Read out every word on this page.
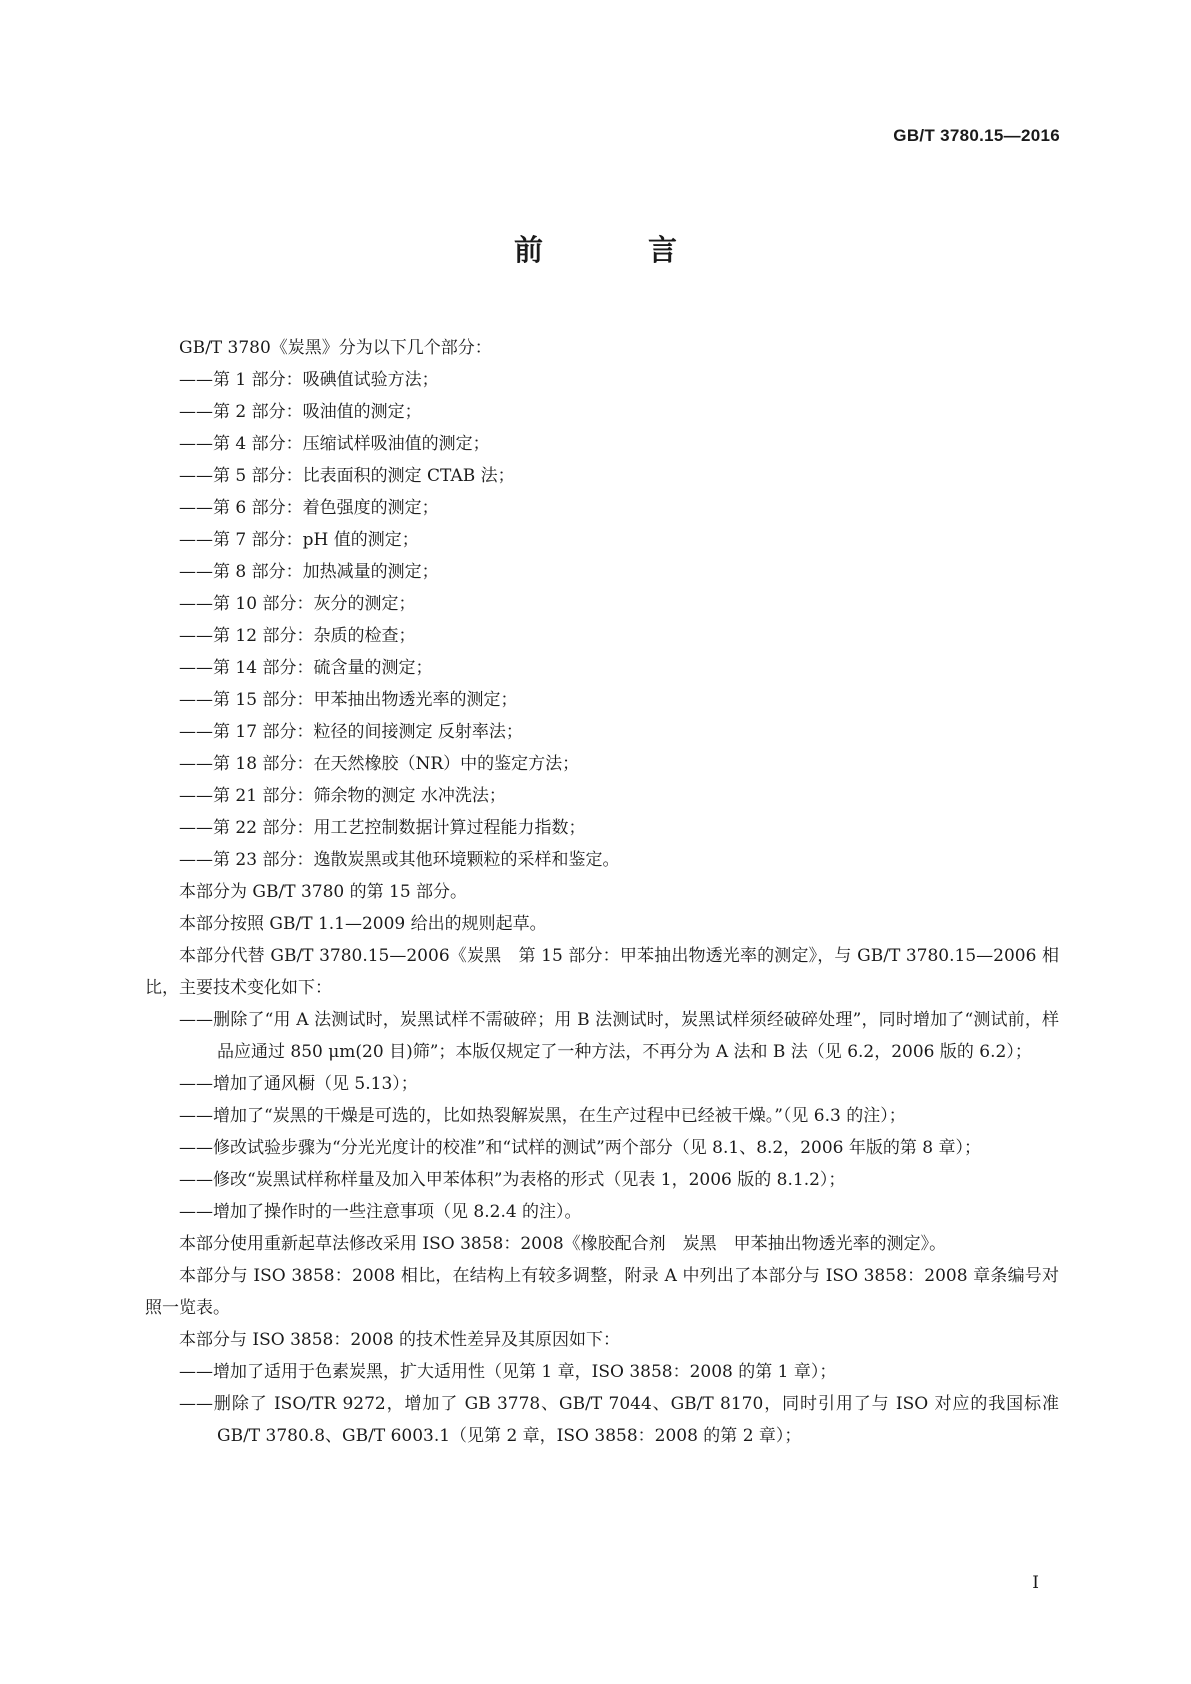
GB/T 3780.15—2016
前　言

GB/T 3780《炭黑》分为以下几个部分：

——第 1 部分：吸碘值试验方法；

——第 2 部分：吸油值的测定；

——第 4 部分：压缩试样吸油值的测定；

——第 5 部分：比表面积的测定 CTAB 法；

——第 6 部分：着色强度的测定；

——第 7 部分：pH 值的测定；

——第 8 部分：加热减量的测定；

——第 10 部分：灰分的测定；

——第 12 部分：杂质的检查；

——第 14 部分：硫含量的测定；

——第 15 部分：甲苯抽出物透光率的测定；

——第 17 部分：粒径的间接测定 反射率法；

——第 18 部分：在天然橡胶（NR）中的鉴定方法；

——第 21 部分：筛余物的测定 水冲洗法；

——第 22 部分：用工艺控制数据计算过程能力指数；

——第 23 部分：逸散炭黑或其他环境颗粒的采样和鉴定。

本部分为 GB/T 3780 的第 15 部分。

本部分按照 GB/T 1.1—2009 给出的规则起草。

本部分代替 GB/T 3780.15—2006《炭黑　第 15 部分：甲苯抽出物透光率的测定》，与 GB/T 3780.15—2006 相比，主要技术变化如下：

——删除了“用 A 法测试时，炭黑试样不需破碎；用 B 法测试时，炭黑试样须经破碎处理”，同时增加了“测试前，样品应通过 850 μm(20 目)筛”；本版仅规定了一种方法，不再分为 A 法和 B 法（见 6.2，2006 版的 6.2）；

——增加了通风橱（见 5.13）；

——增加了“炭黑的干燥是可选的，比如热裂解炭黑，在生产过程中已经被干燥。”（见 6.3 的注）；

——修改试验步骤为“分光光度计的校准”和“试样的测试”两个部分（见 8.1、8.2，2006 年版的第 8 章）；

——修改“炭黑试样称样量及加入甲苯体积”为表格的形式（见表 1，2006 版的 8.1.2）；

——增加了操作时的一些注意事项（见 8.2.4 的注）。

本部分使用重新起草法修改采用 ISO 3858：2008《橡胶配合剂　炭黑　甲苯抽出物透光率的测定》。

本部分与 ISO 3858：2008 相比，在结构上有较多调整，附录 A 中列出了本部分与 ISO 3858：2008 章条编号对照一览表。

本部分与 ISO 3858：2008 的技术性差异及其原因如下：

——增加了适用于色素炭黑，扩大适用性（见第 1 章，ISO 3858：2008 的第 1 章）；

——删除了 ISO/TR 9272，增加了 GB 3778、GB/T 7044、GB/T 8170，同时引用了与 ISO 对应的我国标准 GB/T 3780.8、GB/T 6003.1（见第 2 章，ISO 3858：2008 的第 2 章）；

I
